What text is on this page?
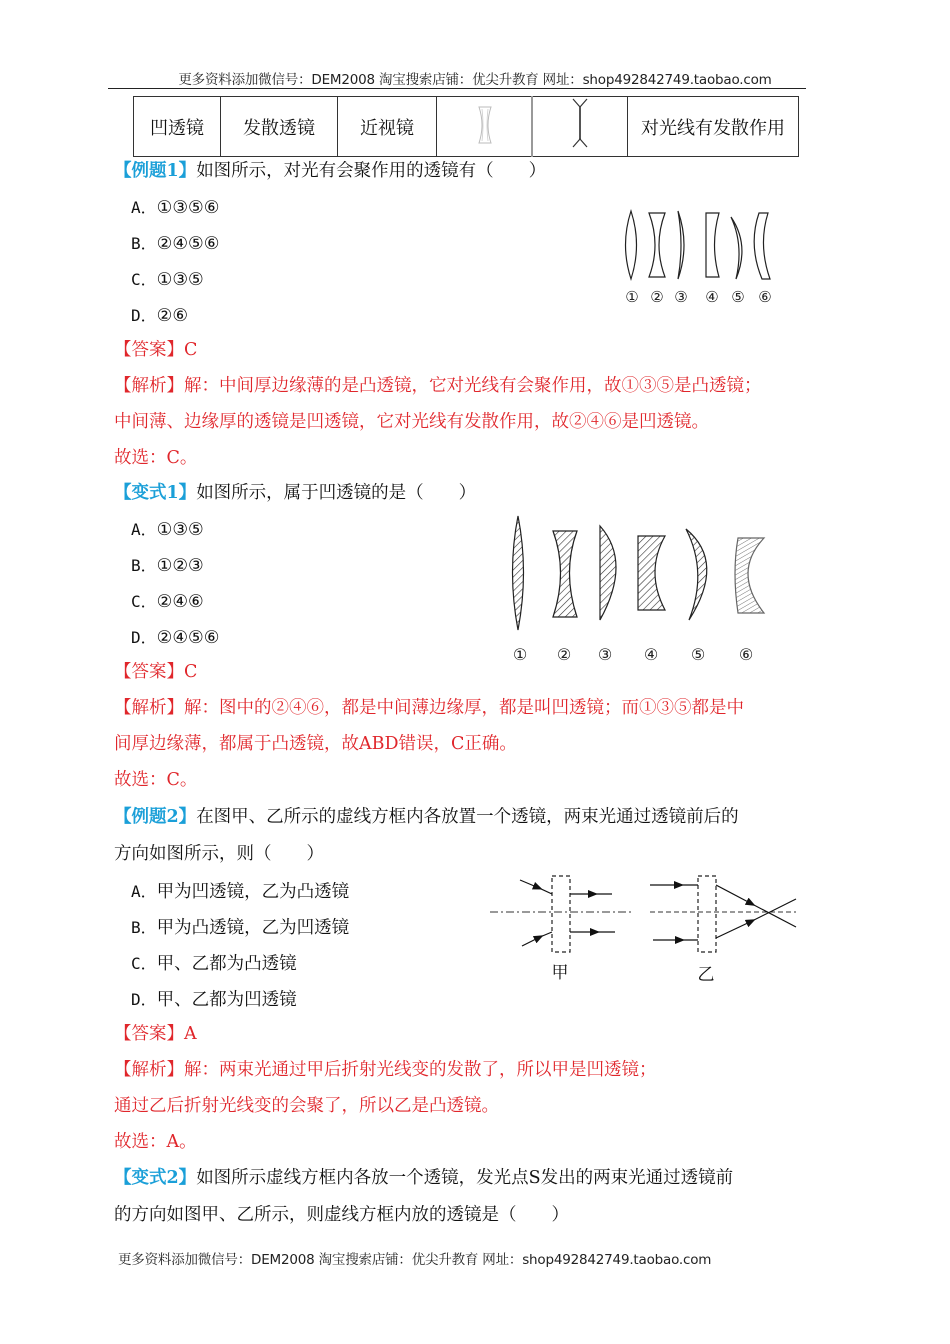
更多资料添加微信号：DEM2008 淘宝搜索店铺：优尖升教育 网址：shop492842749.taobao.com
凹透镜	发散透镜	近视镜			对光线有发散作用
【例题1】如图所示，对光有会聚作用的透镜有（　　）
A．①③⑤⑥
B．②④⑤⑥
C．①③⑤
D．②⑥
① ② ③ ④ ⑤ ⑥
【答案】C
【解析】解：中间厚边缘薄的是凸透镜，它对光线有会聚作用，故①③⑤是凸透镜；
中间薄、边缘厚的透镜是凹透镜，它对光线有发散作用，故②④⑥是凹透镜。
故选：C。
【变式1】如图所示，属于凹透镜的是（　　）
A．①③⑤
B．①②③
C．②④⑥
D．②④⑤⑥
① ② ③ ④ ⑤ ⑥
【答案】C
【解析】解：图中的②④⑥，都是中间薄边缘厚，都是叫凹透镜；而①③⑤都是中
间厚边缘薄，都属于凸透镜，故ABD错误，C正确。
故选：C。
【例题2】在图甲、乙所示的虚线方框内各放置一个透镜，两束光通过透镜前后的
方向如图所示，则（　　）
A．甲为凹透镜，乙为凸透镜
B．甲为凸透镜，乙为凹透镜
C．甲、乙都为凸透镜
D．甲、乙都为凹透镜
甲	乙
【答案】A
【解析】解：两束光通过甲后折射光线变的发散了，所以甲是凹透镜；
通过乙后折射光线变的会聚了，所以乙是凸透镜。
故选：A。
【变式2】如图所示虚线方框内各放一个透镜，发光点S发出的两束光通过透镜前
的方向如图甲、乙所示，则虚线方框内放的透镜是（　　）
更多资料添加微信号：DEM2008 淘宝搜索店铺：优尖升教育 网址：shop492842749.taobao.com
